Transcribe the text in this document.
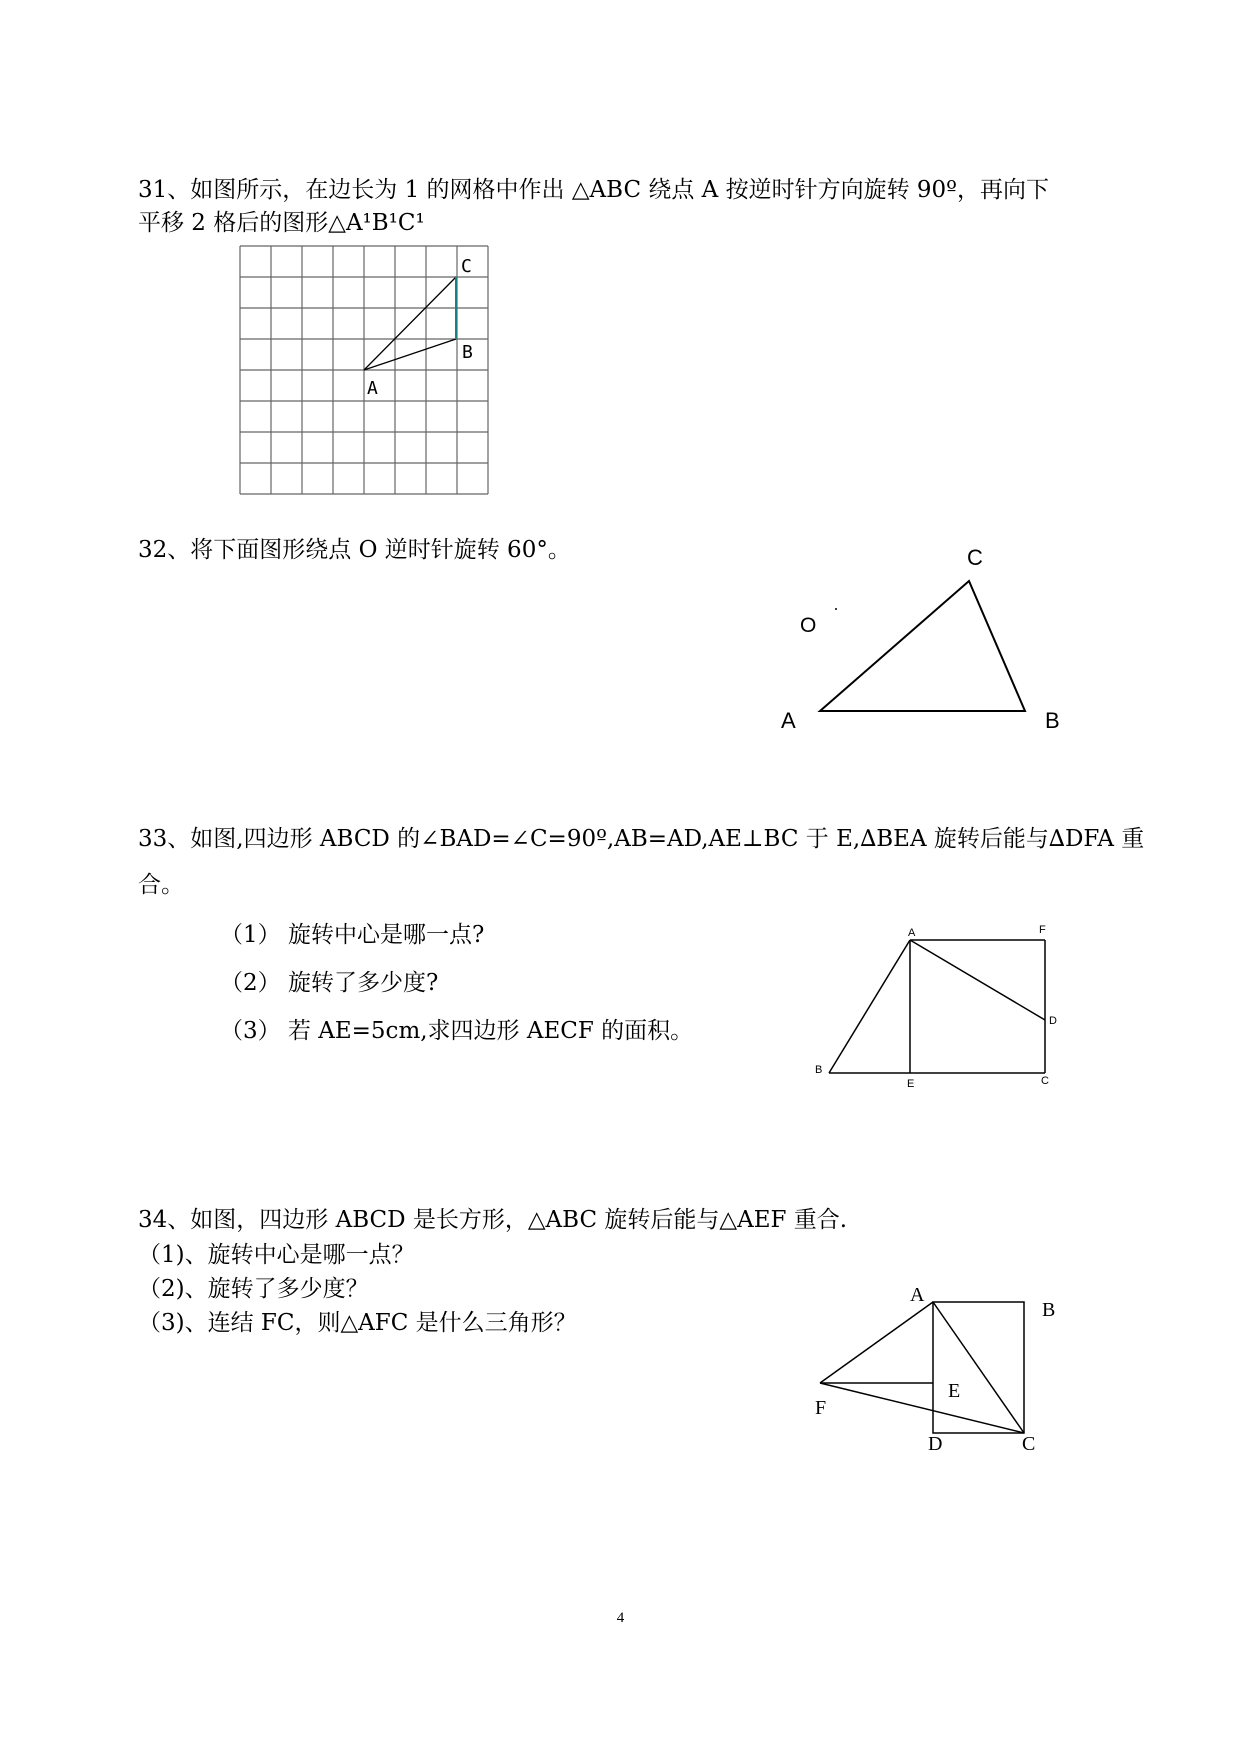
31、如图所示，在边长为 1 的网格中作出 △ABC 绕点 A 按逆时针方向旋转 90º，再向下
平移 2 格后的图形△A¹B¹C¹
C
B
A
32、将下面图形绕点 O 逆时针旋转 60°。	C
O
A	B
33、如图,四边形 ABCD 的∠BAD=∠C=90º,AB=AD,AE⊥BC 于 E,∆BEA 旋转后能与∆DFA 重
合。
（1） 旋转中心是哪一点?
（2） 旋转了多少度?
（3） 若 AE=5cm,求四边形 AECF 的面积。
A	F
D
B
E	C
34、如图，四边形 ABCD 是长方形，△ABC 旋转后能与△AEF 重合.
（1)、旋转中心是哪一点？
（2)、旋转了多少度？
（3)、连结 FC，则△AFC 是什么三角形？
A
B
E
F
D	C
4
